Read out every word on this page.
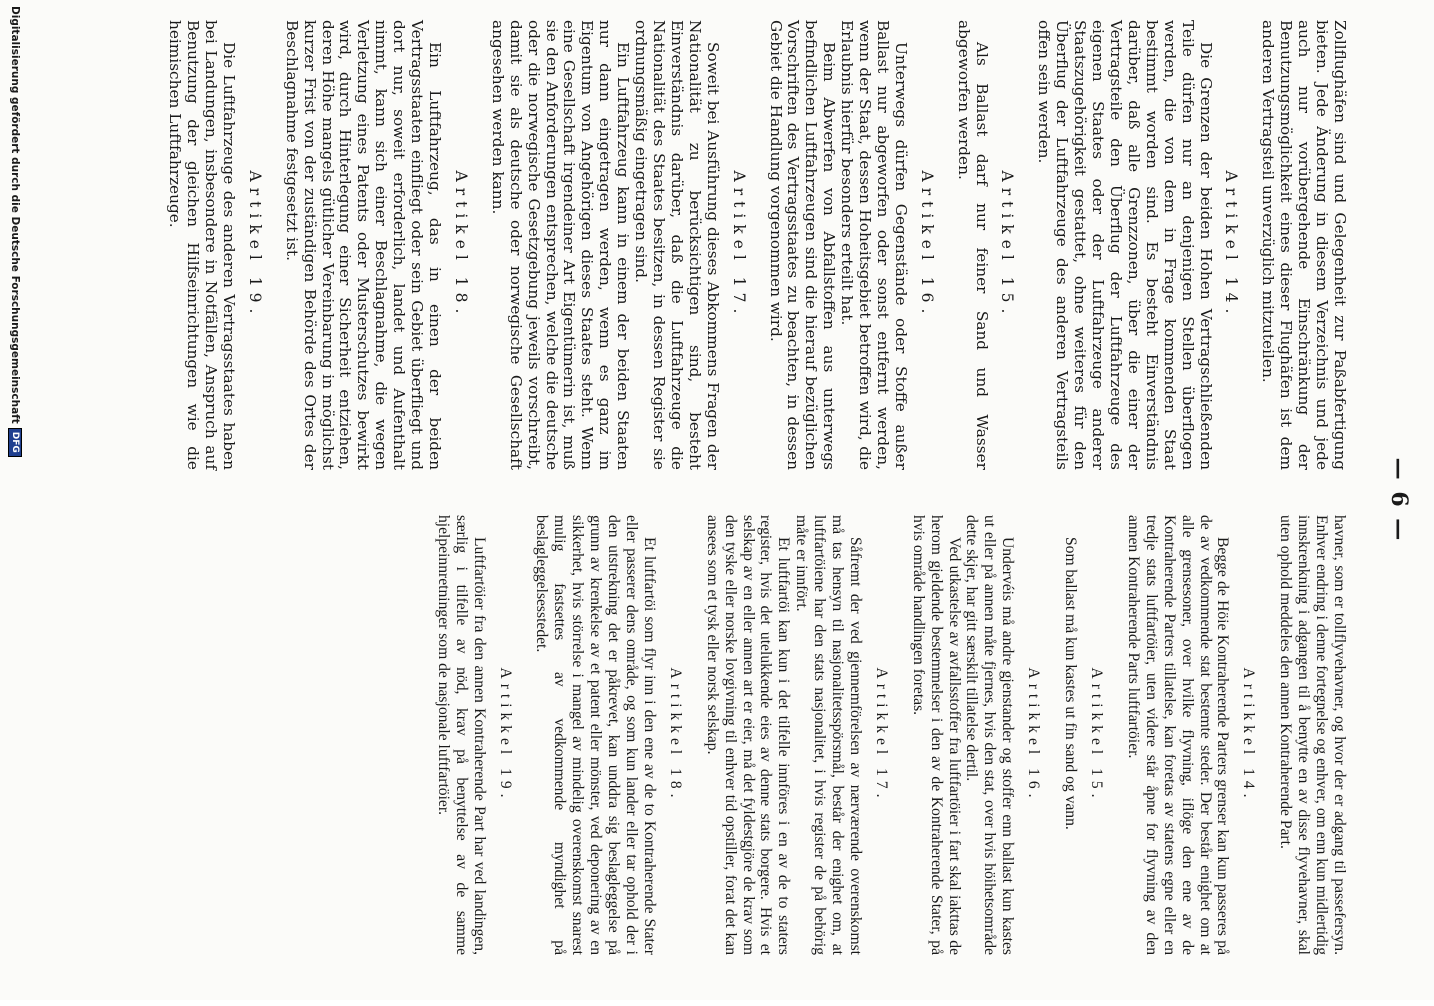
— 6 —

Zollflughäfen sind und Gelegenheit zur Paßabfertigung bieten. Jede Änderung in diesem Verzeichnis und jede auch nur vorübergehende Einschränkung der Benutzungsmöglichkeit eines dieser Flughäfen ist dem anderen Vertragsteil unverzüglich mitzuteilen.

Artikel 14.

Die Grenzen der beiden Hohen Vertragschließenden Teile dürfen nur an denjenigen Stellen überflogen werden, die von dem in Frage kommenden Staat bestimmt worden sind. Es besteht Einverständnis darüber, daß alle Grenzzonen, über die einer der Vertragsteile den Überflug der Luftfahrzeuge des eigenen Staates oder der Luftfahrzeuge anderer Staatszugehörigkeit gestattet, ohne weiteres für den Überflug der Luftfahrzeuge des anderen Vertragsteils offen sein werden.

Artikel 15.

Als Ballast darf nur feiner Sand und Wasser abgeworfen werden.

Artikel 16.

Unterwegs dürfen Gegenstände oder Stoffe außer Ballast nur abgeworfen oder sonst entfernt werden, wenn der Staat, dessen Hoheitsgebiet betroffen wird, die Erlaubnis hierfür besonders erteilt hat.

Beim Abwerfen von Abfallstoffen aus unterwegs befindlichen Luftfahrzeugen sind die hierauf bezüglichen Vorschriften des Vertragsstaates zu beachten, in dessen Gebiet die Handlung vorgenommen wird.

Artikel 17.

Soweit bei Ausführung dieses Abkommens Fragen der Nationalität zu berücksichtigen sind, besteht Einverständnis darüber, daß die Luftfahrzeuge die Nationalität des Staates besitzen, in dessen Register sie ordnungsmäßig eingetragen sind.

Ein Luftfahrzeug kann in einem der beiden Staaten nur dann eingetragen werden, wenn es ganz im Eigentum von Angehörigen dieses Staates steht. Wenn eine Gesellschaft irgendeiner Art Eigentümerin ist, muß sie den Anforderungen entsprechen, welche die deutsche oder die norwegische Gesetzgebung jeweils vorschreibt, damit sie als deutsche oder norwegische Gesellschaft angesehen werden kann.

Artikel 18.

Ein Luftfahrzeug, das in einen der beiden Vertragsstaaten einfliegt oder sein Gebiet überfliegt und dort nur, soweit erforderlich, landet und Aufenthalt nimmt, kann sich einer Beschlagnahme, die wegen Verletzung eines Patents oder Musterschutzes bewirkt wird, durch Hinterlegung einer Sicherheit entziehen, deren Höhe mangels gütlicher Vereinbarung in möglichst kurzer Frist von der zuständigen Behörde des Ortes der Beschlagnahme festgesetzt ist.

Artikel 19.

Die Luftfahrzeuge des anderen Vertragsstaates haben bei Landungen, insbesondere in Notfällen, Anspruch auf Benutzung der gleichen Hilfseinrichtungen wie die heimischen Luftfahrzeuge.

havner, som er tollflyvehavner, og hvor der er adgang til passefersyn. Enhver endring i denne fortegnelse og enhver, om enn kun midlertidig innskrenkning i adgangen til å benytte en av disse flyvehavner, skal uten ophold meddeles den annen Kontraherende Part.

Artikkel 14.

Begge de Höie Kontraherende Parters grenser kan kun passeres på de av vedkommende stat bestemte steder. Der består enighet om at alle grensesoner, over hvilke flyvning, iflöge den ene av de Kontraherende Parters tillatelse, kan foretas av statens egne eller en tredje stats luftfartöier, uten videre står åpne for flyvning av den annen Kontraherende Parts luftfartöier.

Artikkel 15.

Som ballast må kun kastes ut fin sand og vann.

Artikkel 16.

Undervéis må andre gjenstander og stoffer enn ballast kun kastes ut eller på annen måte fjernes, hvis den stat, over hvis höihetsområde dette skjer, har gitt særskilt tillatelse dertil.

Ved utkastelse av avfallsstoffer fra luftfartöier i fart skal iakttas de herom gjeldende bestemmelser i den av de Kontraherende Stater, på hvis område handlingen foretas.

Artikkel 17.

Såfremt der ved gjennemförelsen av nærværende overenskomst må tas hensyn til nasjonalitetsspörsmål, består der enighet om, at luftfartöiene har den stats nasjonalitet, i hvis register de på behörig måte er innfört.

Et luftfartöi kan kun i det tilfelle innföres i en av de to staters register, hvis det utelukkende eies av denne stats borgere. Hvis et selskap av en eller annen art er eier, må det fyldestgjöre de krav som den tyske eller norske lovgivning til enhver tid opstiller, forat det kan ansees som et tysk eller norsk selskap.

Artikkel 18.

Et luftfartöi som flyr inn i den ene av de to Kontraherende Stater eller passerer dens område, og som kun lander eller tar ophold der i den utstrekning det er påkrevet, kan unddra sig beslagleggelse på grunn av krenkelse av et patent eller mönster, ved deponering av en sikkerhet, hvis störrelse i mangel av mindelig overenskomst snarest mulig fastsettes av vedkommende myndighet på beslagleggelsesstedet.

Artikkel 19.

Luftfartöier fra den annen Kontraherende Part har ved landingen, særlig i tilfelle av nöd, krav på benyttelse av de samme hjelpeinnretninger som de nasjonale luftfartöier.

Digitalisierung gefördert durch die Deutsche Forschungsgemeinschaft
DFG
